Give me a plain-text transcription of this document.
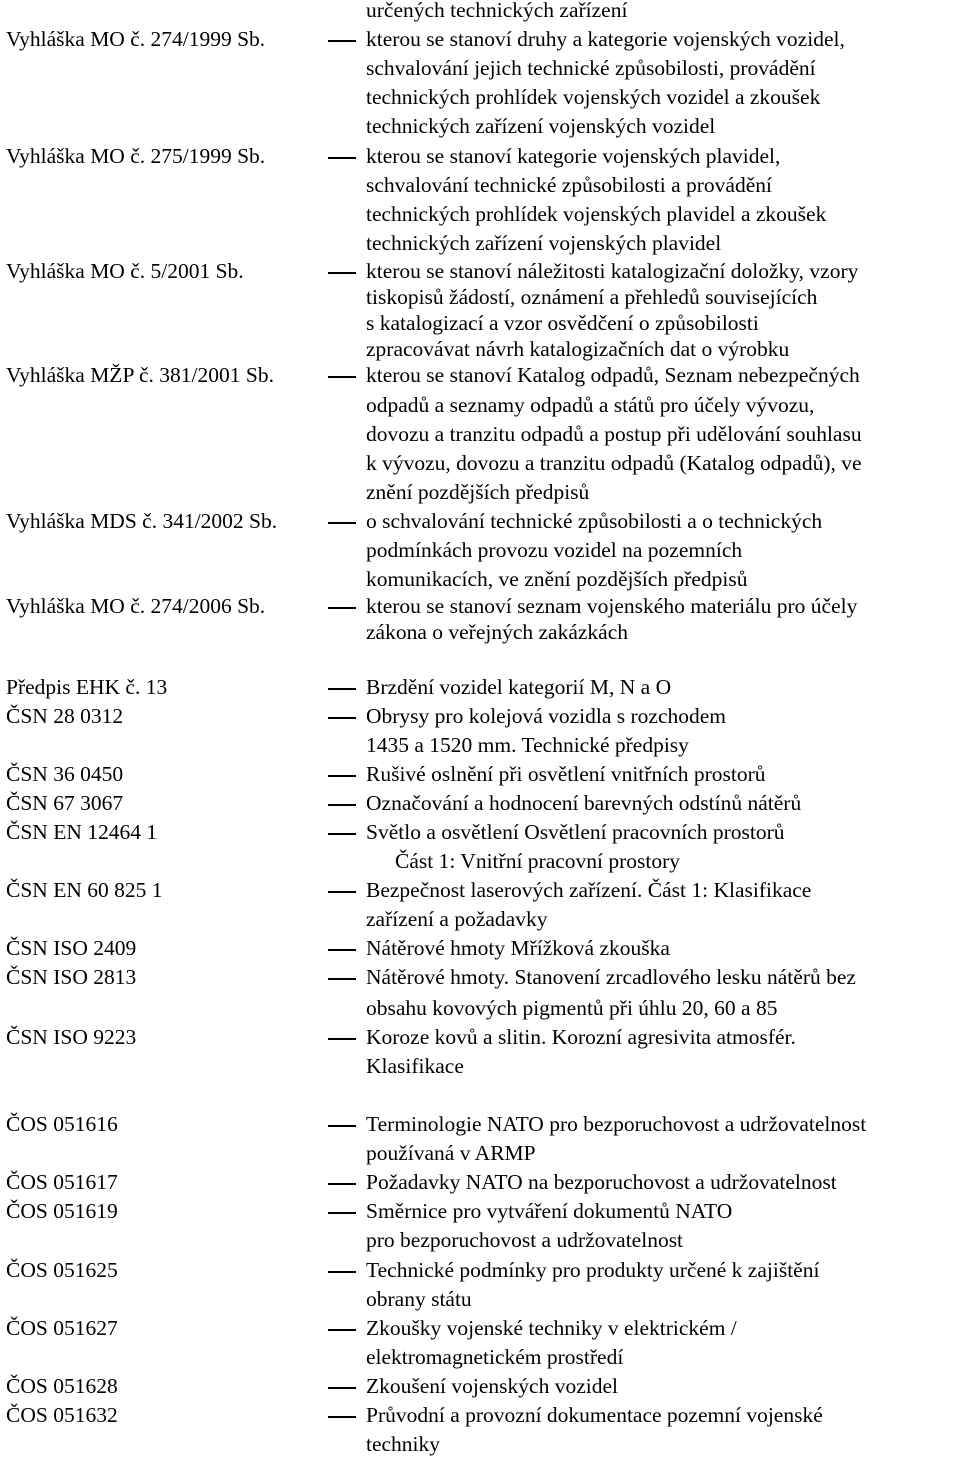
určených technických zařízení
Vyhláška MO č. 274/1999 Sb.	kterou se stanoví druhy a kategorie vojenských vozidel,
schvalování jejich technické způsobilosti, provádění
technických prohlídek vojenských vozidel a zkoušek
technických zařízení vojenských vozidel
Vyhláška MO č. 275/1999 Sb.	kterou se stanoví kategorie vojenských plavidel,
schvalování technické způsobilosti a provádění
technických prohlídek vojenských plavidel a zkoušek
technických zařízení vojenských plavidel
Vyhláška MO č. 5/2001 Sb.	kterou se stanoví náležitosti katalogizační doložky, vzory
tiskopisů žádostí, oznámení a přehledů souvisejících
s katalogizací a vzor osvědčení o způsobilosti
zpracovávat návrh katalogizačních dat o výrobku
Vyhláška MŽP č. 381/2001 Sb.	kterou se stanoví Katalog odpadů, Seznam nebezpečných
odpadů a seznamy odpadů a států pro účely vývozu,
dovozu a tranzitu odpadů a postup při udělování souhlasu
k vývozu, dovozu a tranzitu odpadů (Katalog odpadů), ve
znění pozdějších předpisů
Vyhláška MDS č. 341/2002 Sb.	o schvalování technické způsobilosti a o technických
podmínkách provozu vozidel na pozemních
komunikacích, ve znění pozdějších předpisů
Vyhláška MO č. 274/2006 Sb.	kterou se stanoví seznam vojenského materiálu pro účely
zákona o veřejných zakázkách
Předpis EHK č. 13	Brzdění vozidel kategorií M, N a O
ČSN 28 0312	Obrysy pro kolejová vozidla s rozchodem
1435 a 1520 mm. Technické předpisy
ČSN 36 0450	Rušivé oslnění při osvětlení vnitřních prostorů
ČSN 67 3067	Označování a hodnocení barevných odstínů nátěrů
ČSN EN 12464 1	Světlo a osvětlení Osvětlení pracovních prostorů
Část 1: Vnitřní pracovní prostory
ČSN EN 60 825 1	Bezpečnost laserových zařízení. Část 1: Klasifikace
zařízení a požadavky
ČSN ISO 2409	Nátěrové hmoty Mřížková zkouška
ČSN ISO 2813	Nátěrové hmoty. Stanovení zrcadlového lesku nátěrů bez
obsahu kovových pigmentů při úhlu 20, 60 a 85
ČSN ISO 9223	Koroze kovů a slitin. Korozní agresivita atmosfér.
Klasifikace
ČOS 051616	Terminologie NATO pro bezporuchovost a udržovatelnost
používaná v ARMP
ČOS 051617	Požadavky NATO na bezporuchovost a udržovatelnost
ČOS 051619	Směrnice pro vytváření dokumentů NATO
pro bezporuchovost a udržovatelnost
ČOS 051625	Technické podmínky pro produkty určené k zajištění
obrany státu
ČOS 051627	Zkoušky vojenské techniky v elektrickém /
elektromagnetickém prostředí
ČOS 051628	Zkoušení vojenských vozidel
ČOS 051632	Průvodní a provozní dokumentace pozemní vojenské
techniky
